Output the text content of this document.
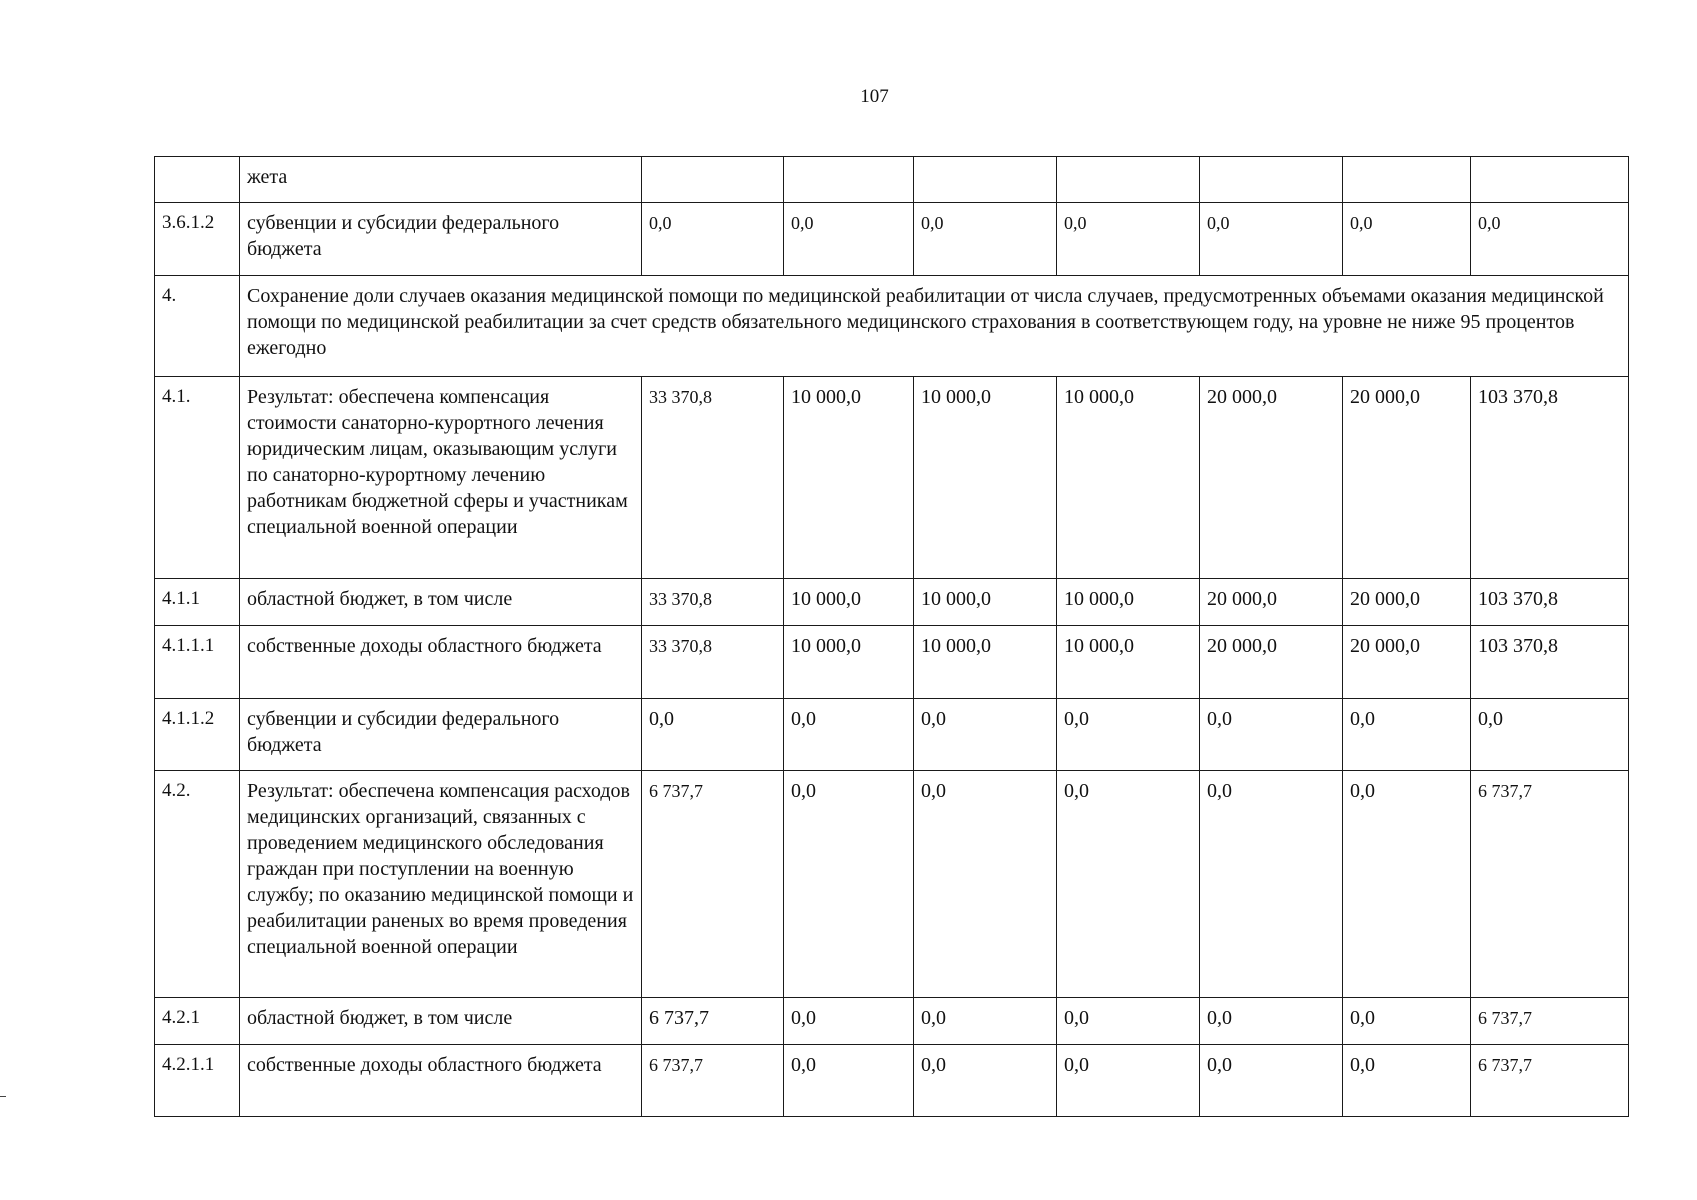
107
	жета							
3.6.1.2	субвенции и субсидии федерального бюджета	0,0	0,0	0,0	0,0	0,0	0,0	0,0
4.	Сохранение доли случаев оказания медицинской помощи по медицинской реабилитации от числа случаев, предусмотренных объемами оказания медицинской помощи по медицинской реабилитации за счет средств обязательного медицинского страхования в соответствующем году, на уровне не ниже 95 процентов ежегодно							
4.1.	Результат: обеспечена компенсация стоимости санаторно-курортного лечения юридическим лицам, оказывающим услуги по санаторно-курортному лечению работникам бюджетной сферы и участникам специальной военной операции	33 370,8	10 000,0	10 000,0	10 000,0	20 000,0	20 000,0	103 370,8
4.1.1	областной бюджет, в том числе	33 370,8	10 000,0	10 000,0	10 000,0	20 000,0	20 000,0	103 370,8
4.1.1.1	собственные доходы областного бюджета	33 370,8	10 000,0	10 000,0	10 000,0	20 000,0	20 000,0	103 370,8
4.1.1.2	субвенции и субсидии федерального бюджета	0,0	0,0	0,0	0,0	0,0	0,0	0,0
4.2.	Результат: обеспечена компенсация расходов медицинских организаций, связанных с проведением медицинского обследования граждан при поступлении на военную службу; по оказанию медицинской помощи и реабилитации раненых во время проведения специальной военной операции	6 737,7	0,0	0,0	0,0	0,0	0,0	6 737,7
4.2.1	областной бюджет, в том числе	6 737,7	0,0	0,0	0,0	0,0	0,0	6 737,7
4.2.1.1	собственные доходы областного бюджета	6 737,7	0,0	0,0	0,0	0,0	0,0	6 737,7
